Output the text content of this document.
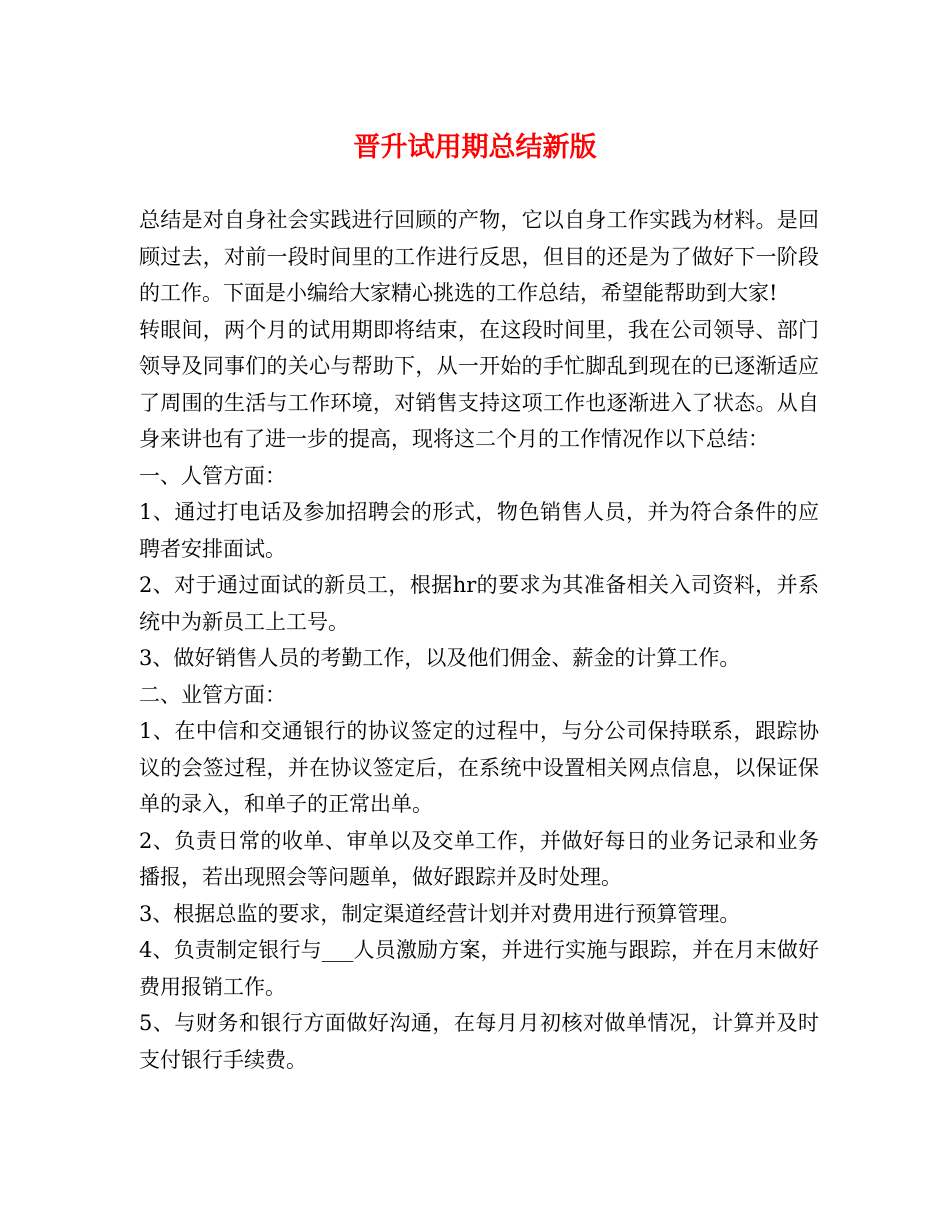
晋升试用期总结新版

总结是对自身社会实践进行回顾的产物，它以自身工作实践为材料。是回顾过去，对前一段时间里的工作进行反思，但目的还是为了做好下一阶段的工作。下面是小编给大家精心挑选的工作总结，希望能帮助到大家!

转眼间，两个月的试用期即将结束，在这段时间里，我在公司领导、部门领导及同事们的关心与帮助下，从一开始的手忙脚乱到现在的已逐渐适应了周围的生活与工作环境，对销售支持这项工作也逐渐进入了状态。从自身来讲也有了进一步的提高，现将这二个月的工作情况作以下总结：

一、人管方面：

1、通过打电话及参加招聘会的形式，物色销售人员，并为符合条件的应聘者安排面试。

2、对于通过面试的新员工，根据hr的要求为其准备相关入司资料，并系统中为新员工上工号。

3、做好销售人员的考勤工作，以及他们佣金、薪金的计算工作。

二、业管方面：

1、在中信和交通银行的协议签定的过程中，与分公司保持联系，跟踪协议的会签过程，并在协议签定后，在系统中设置相关网点信息，以保证保单的录入，和单子的正常出单。

2、负责日常的收单、审单以及交单工作，并做好每日的业务记录和业务播报，若出现照会等问题单，做好跟踪并及时处理。

3、根据总监的要求，制定渠道经营计划并对费用进行预算管理。

4、负责制定银行与___人员激励方案，并进行实施与跟踪，并在月末做好费用报销工作。

5、与财务和银行方面做好沟通，在每月月初核对做单情况，计算并及时支付银行手续费。
